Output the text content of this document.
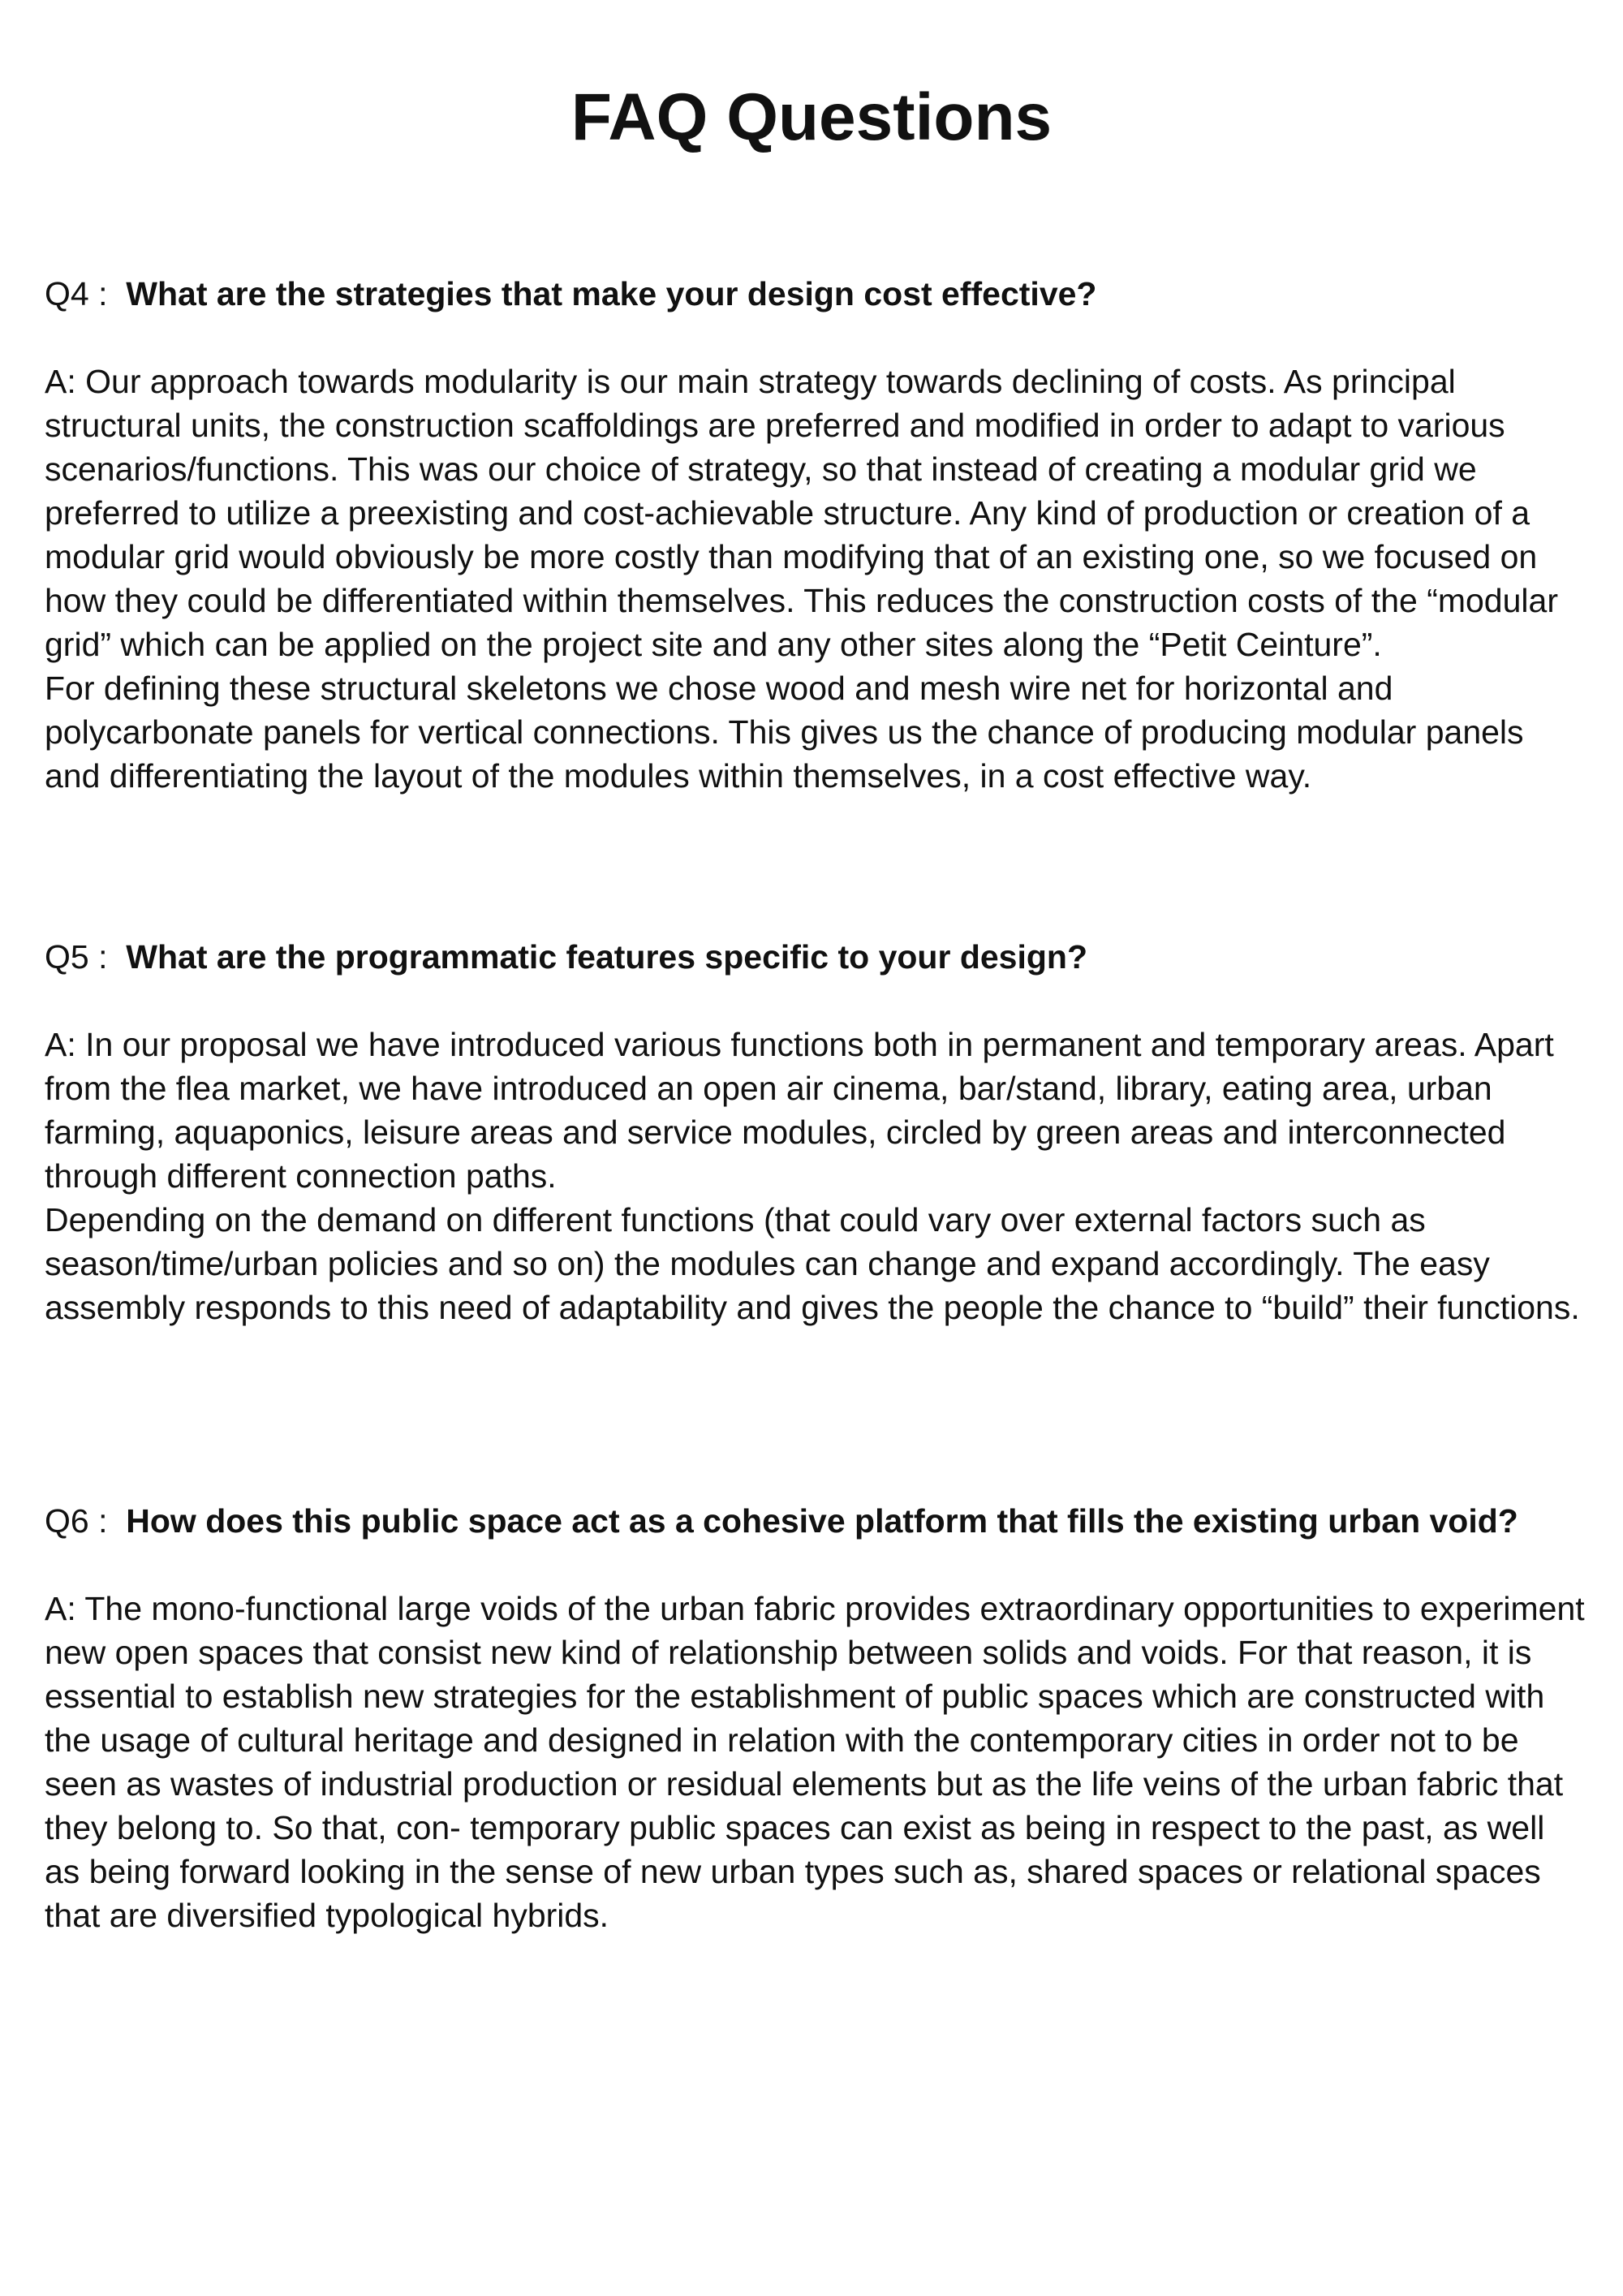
FAQ Questions

Q4 : What are the strategies that make your design cost effective?

A: Our approach towards modularity is our main strategy towards declining of costs. As principal structural units, the construction scaffoldings are preferred and modified in order to adapt to various scenarios/functions. This was our choice of strategy, so that instead of creating a modular grid we preferred to utilize a preexisting and cost-achievable structure. Any kind of production or creation of a modular grid would obviously be more costly than modifying that of an existing one, so we focused on how they could be differentiated within themselves. This reduces the construction costs of the “modular grid” which can be applied on the project site and any other sites along the “Petit Ceinture”.

For defining these structural skeletons we chose wood and mesh wire net for horizontal and polycarbonate panels for vertical connections. This gives us the chance of producing modular panels and differentiating the layout of the modules within themselves, in a cost effective way.

Q5 : What are the programmatic features specific to your design?

A: In our proposal we have introduced various functions both in permanent and temporary areas. Apart from the flea market, we have introduced an open air cinema, bar/stand, library, eating area, urban farming, aquaponics, leisure areas and service modules, circled by green areas and interconnected through different connection paths.

Depending on the demand on different functions (that could vary over external factors such as season/time/urban policies and so on) the modules can change and expand accordingly. The easy assembly responds to this need of adaptability and gives the people the chance to “build” their functions.

Q6 : How does this public space act as a cohesive platform that fills the existing urban void?

A: The mono-functional large voids of the urban fabric provides extraordinary opportunities to experiment new open spaces that consist new kind of relationship between solids and voids. For that reason, it is essential to establish new strategies for the establishment of public spaces which are constructed with the usage of cultural heritage and designed in relation with the contemporary cities in order not to be seen as wastes of industrial production or residual elements but as the life veins of the urban fabric that they belong to. So that, con- temporary public spaces can exist as being in respect to the past, as well as being forward looking in the sense of new urban types such as, shared spaces or relational spaces that are diversified typological hybrids.
